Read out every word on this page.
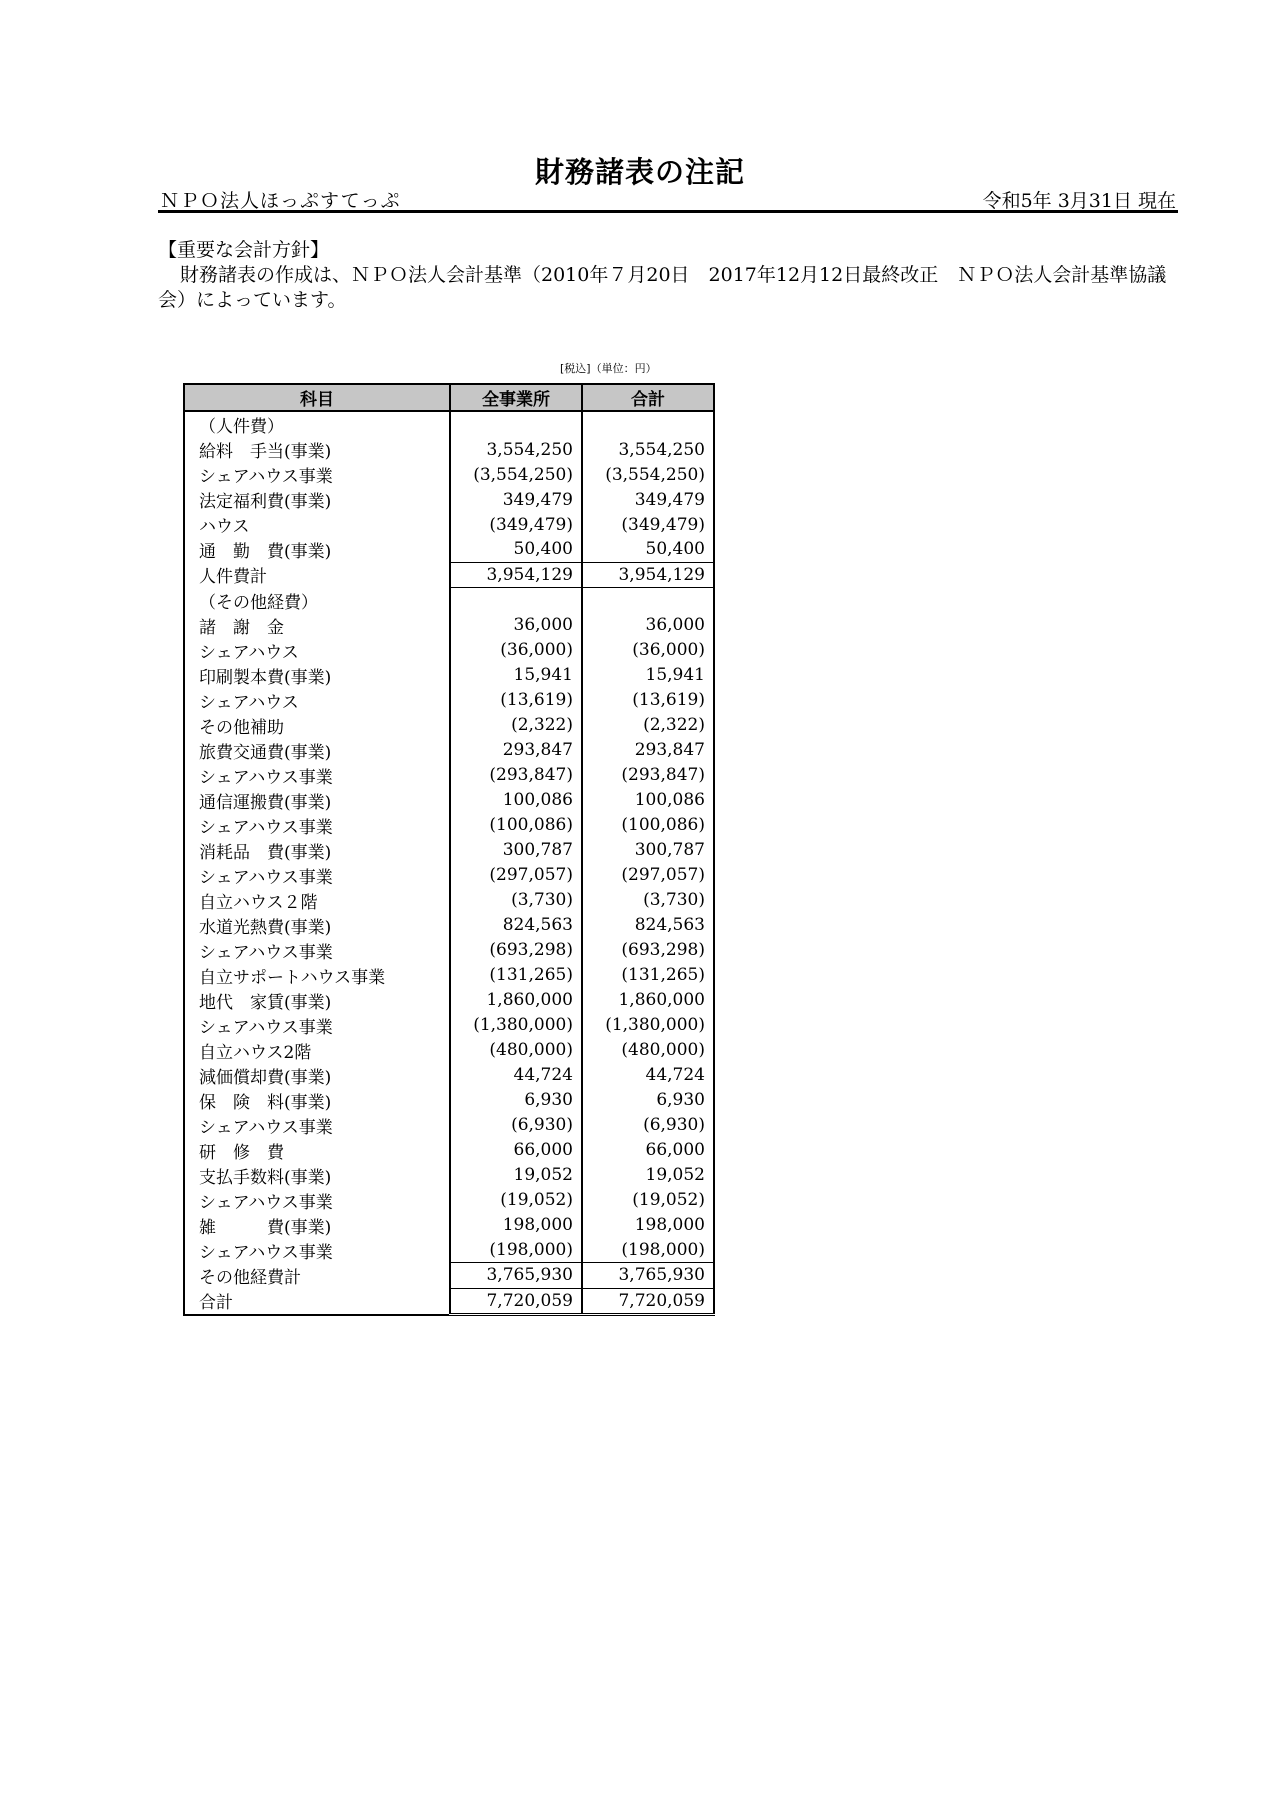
財務諸表の注記
ＮＰＯ法人ほっぷすてっぷ	令和5年 3月31日 現在
【重要な会計方針】
財務諸表の作成は、ＮＰＯ法人会計基準（2010年７月20日　2017年12月12日最終改正　ＮＰＯ法人会計基準協議会）によっています。
[税込]（単位：円）
科目	全事業所	合計
（人件費）		
給料　手当(事業)	3,554,250	3,554,250
シェアハウス事業	(3,554,250)	(3,554,250)
法定福利費(事業)	349,479	349,479
ハウス	(349,479)	(349,479)
通　勤　費(事業)	50,400	50,400
人件費計	3,954,129	3,954,129
（その他経費）		
諸　謝　金	36,000	36,000
シェアハウス	(36,000)	(36,000)
印刷製本費(事業)	15,941	15,941
シェアハウス	(13,619)	(13,619)
その他補助	(2,322)	(2,322)
旅費交通費(事業)	293,847	293,847
シェアハウス事業	(293,847)	(293,847)
通信運搬費(事業)	100,086	100,086
シェアハウス事業	(100,086)	(100,086)
消耗品　費(事業)	300,787	300,787
シェアハウス事業	(297,057)	(297,057)
自立ハウス２階	(3,730)	(3,730)
水道光熱費(事業)	824,563	824,563
シェアハウス事業	(693,298)	(693,298)
自立サポートハウス事業	(131,265)	(131,265)
地代　家賃(事業)	1,860,000	1,860,000
シェアハウス事業	(1,380,000)	(1,380,000)
自立ハウス2階	(480,000)	(480,000)
減価償却費(事業)	44,724	44,724
保　険　料(事業)	6,930	6,930
シェアハウス事業	(6,930)	(6,930)
研　修　費	66,000	66,000
支払手数料(事業)	19,052	19,052
シェアハウス事業	(19,052)	(19,052)
雑　　　費(事業)	198,000	198,000
シェアハウス事業	(198,000)	(198,000)
その他経費計	3,765,930	3,765,930
合計	7,720,059	7,720,059
